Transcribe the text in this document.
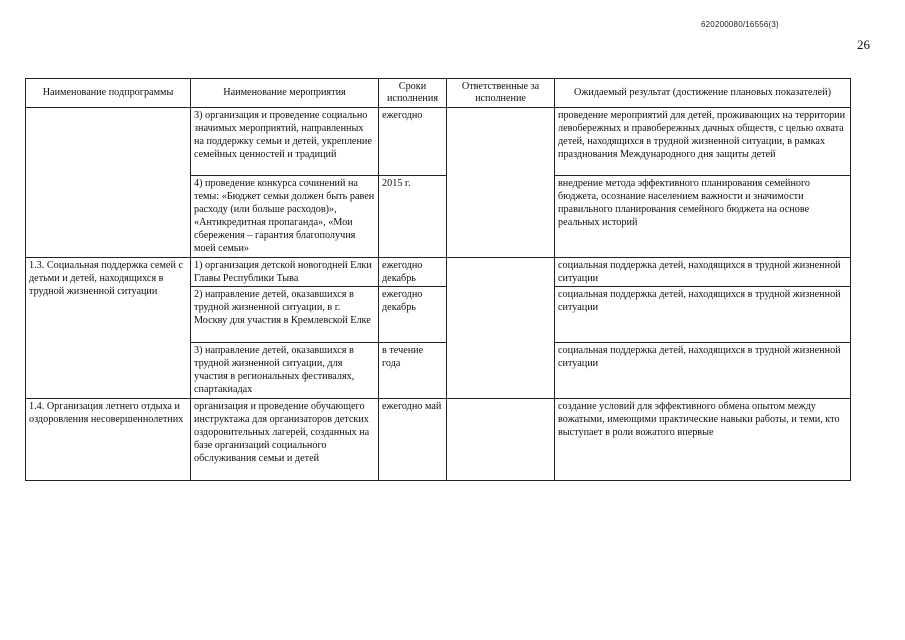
620200080/16556(3)
26
Наименование подпрограммы	Наименование мероприятия	Сроки исполнения	Ответственные за исполнение	Ожидаемый результат (достижение плановых показателей)
	3) организация и проведение социально значимых мероприятий, направленных на поддержку семьи и детей, укрепление семейных ценностей и традиций	ежегодно		проведение мероприятий для детей, проживающих на территории левобережных и правобережных дачных обществ, с целью охвата детей, находящихся в трудной жизненной ситуации, в рамках празднования Международного дня защиты детей
	4) проведение конкурса сочинений на темы: «Бюджет семьи должен быть равен расходу (или больше расходов)», «Антикредитная пропаганда», «Мои сбережения – гарантия благополучия моей семьи»	2015 г.		внедрение метода эффективного планирования семейного бюджета, осознание населением важности и значимости правильного планирования семейного бюджета на основе реальных историй
1.3. Социальная поддержка семей с детьми и детей, находящихся в трудной жизненной ситуации	1) организация детской новогодней Елки Главы Республики Тыва	ежегодно декабрь		социальная поддержка детей, находящихся в трудной жизненной ситуации
	2) направление детей, оказавшихся в трудной жизненной ситуации, в г. Москву для участия в Кремлевской Елке	ежегодно декабрь		социальная поддержка детей, находящихся в трудной жизненной ситуации
	3) направление детей, оказавшихся в трудной жизненной ситуации, для участия в региональных фестивалях, спартакиадах	в течение года		социальная поддержка детей, находящихся в трудной жизненной ситуации
1.4. Организация летнего отдыха и оздоровления несовершеннолетних	организация и проведение обучающего инструктажа для организаторов детских оздоровительных лагерей, созданных на базе организаций социального обслуживания семьи и детей	ежегодно май		создание условий для эффективного обмена опытом между вожатыми, имеющими практические навыки работы, и теми, кто выступает в роли вожатого впервые
